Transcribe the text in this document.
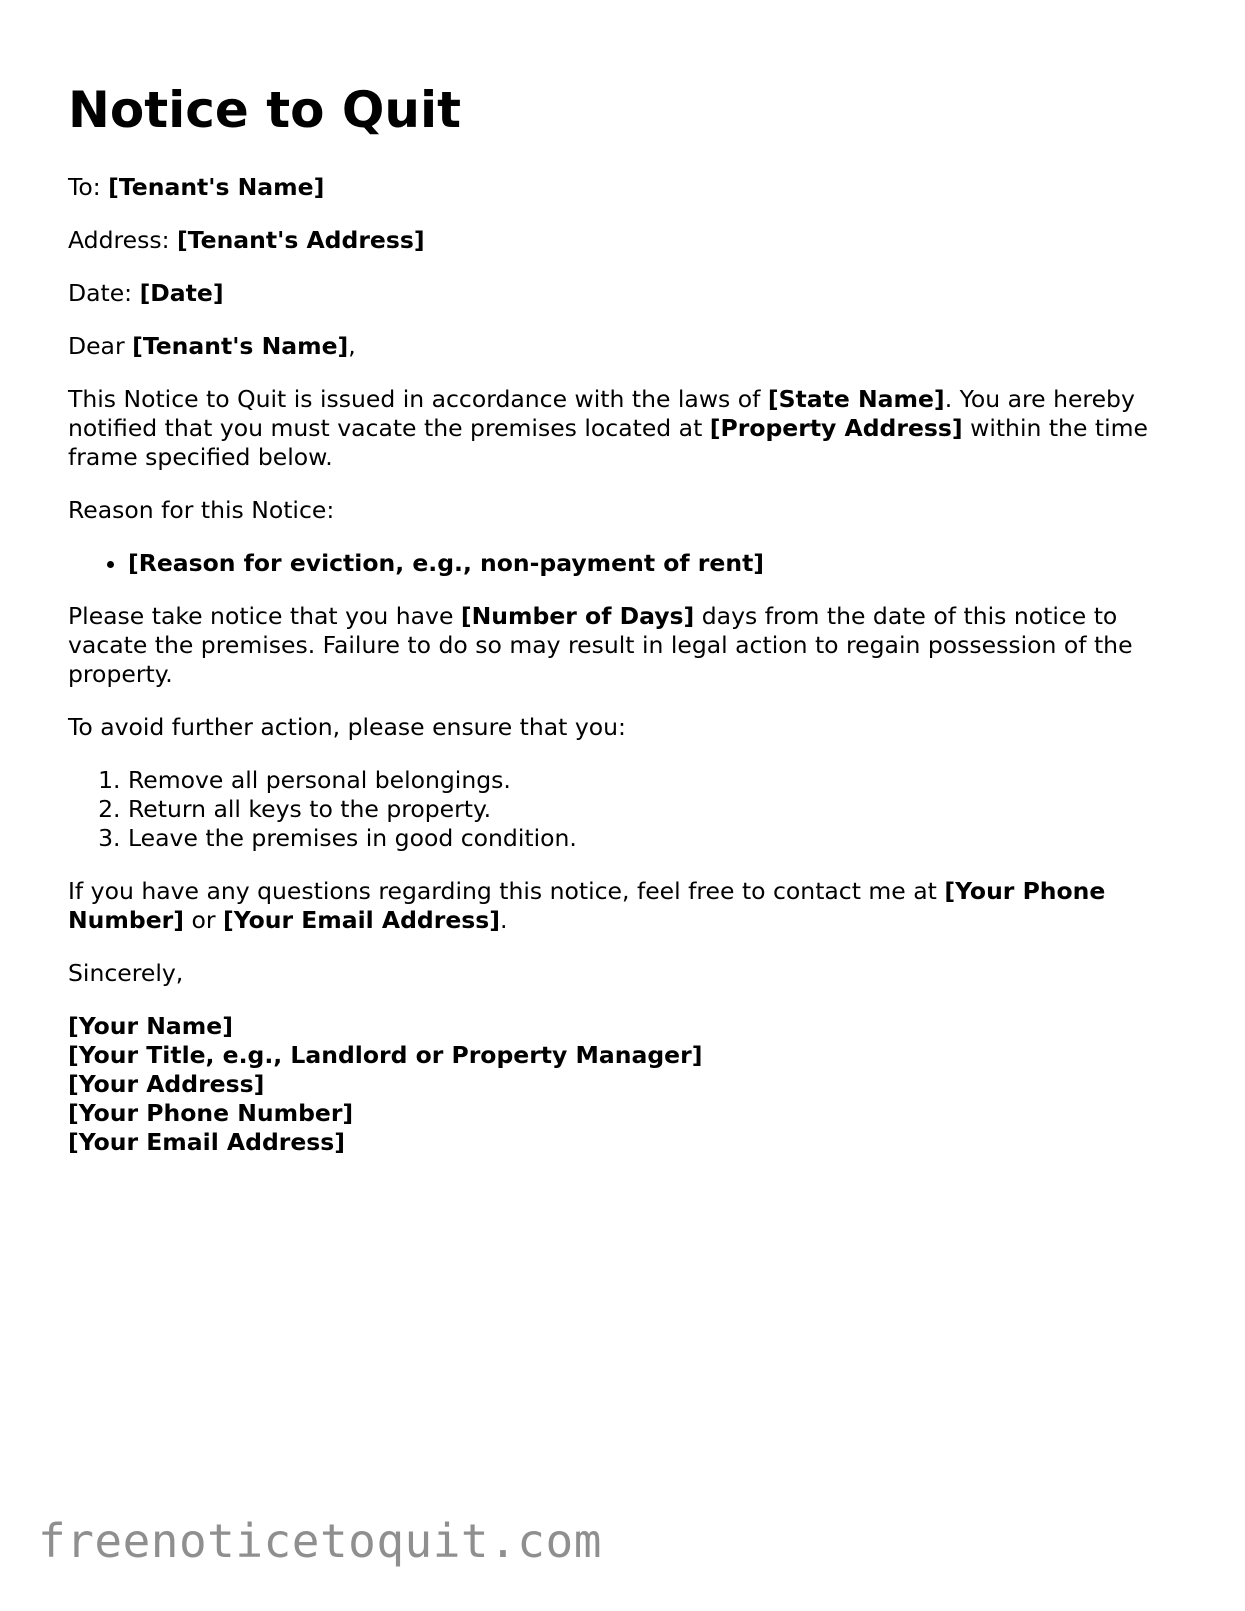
Notice to Quit

To: [Tenant's Name]

Address: [Tenant's Address]

Date: [Date]

Dear [Tenant's Name],

This Notice to Quit is issued in accordance with the laws of [State Name]. You are hereby notified that you must vacate the premises located at [Property Address] within the time frame specified below.

Reason for this Notice:

• [Reason for eviction, e.g., non-payment of rent]

Please take notice that you have [Number of Days] days from the date of this notice to vacate the premises. Failure to do so may result in legal action to regain possession of the property.

To avoid further action, please ensure that you:

1. Remove all personal belongings.
2. Return all keys to the property.
3. Leave the premises in good condition.

If you have any questions regarding this notice, feel free to contact me at [Your Phone Number] or [Your Email Address].

Sincerely,

[Your Name]
[Your Title, e.g., Landlord or Property Manager]
[Your Address]
[Your Phone Number]
[Your Email Address]
freenoticetoquit.com
